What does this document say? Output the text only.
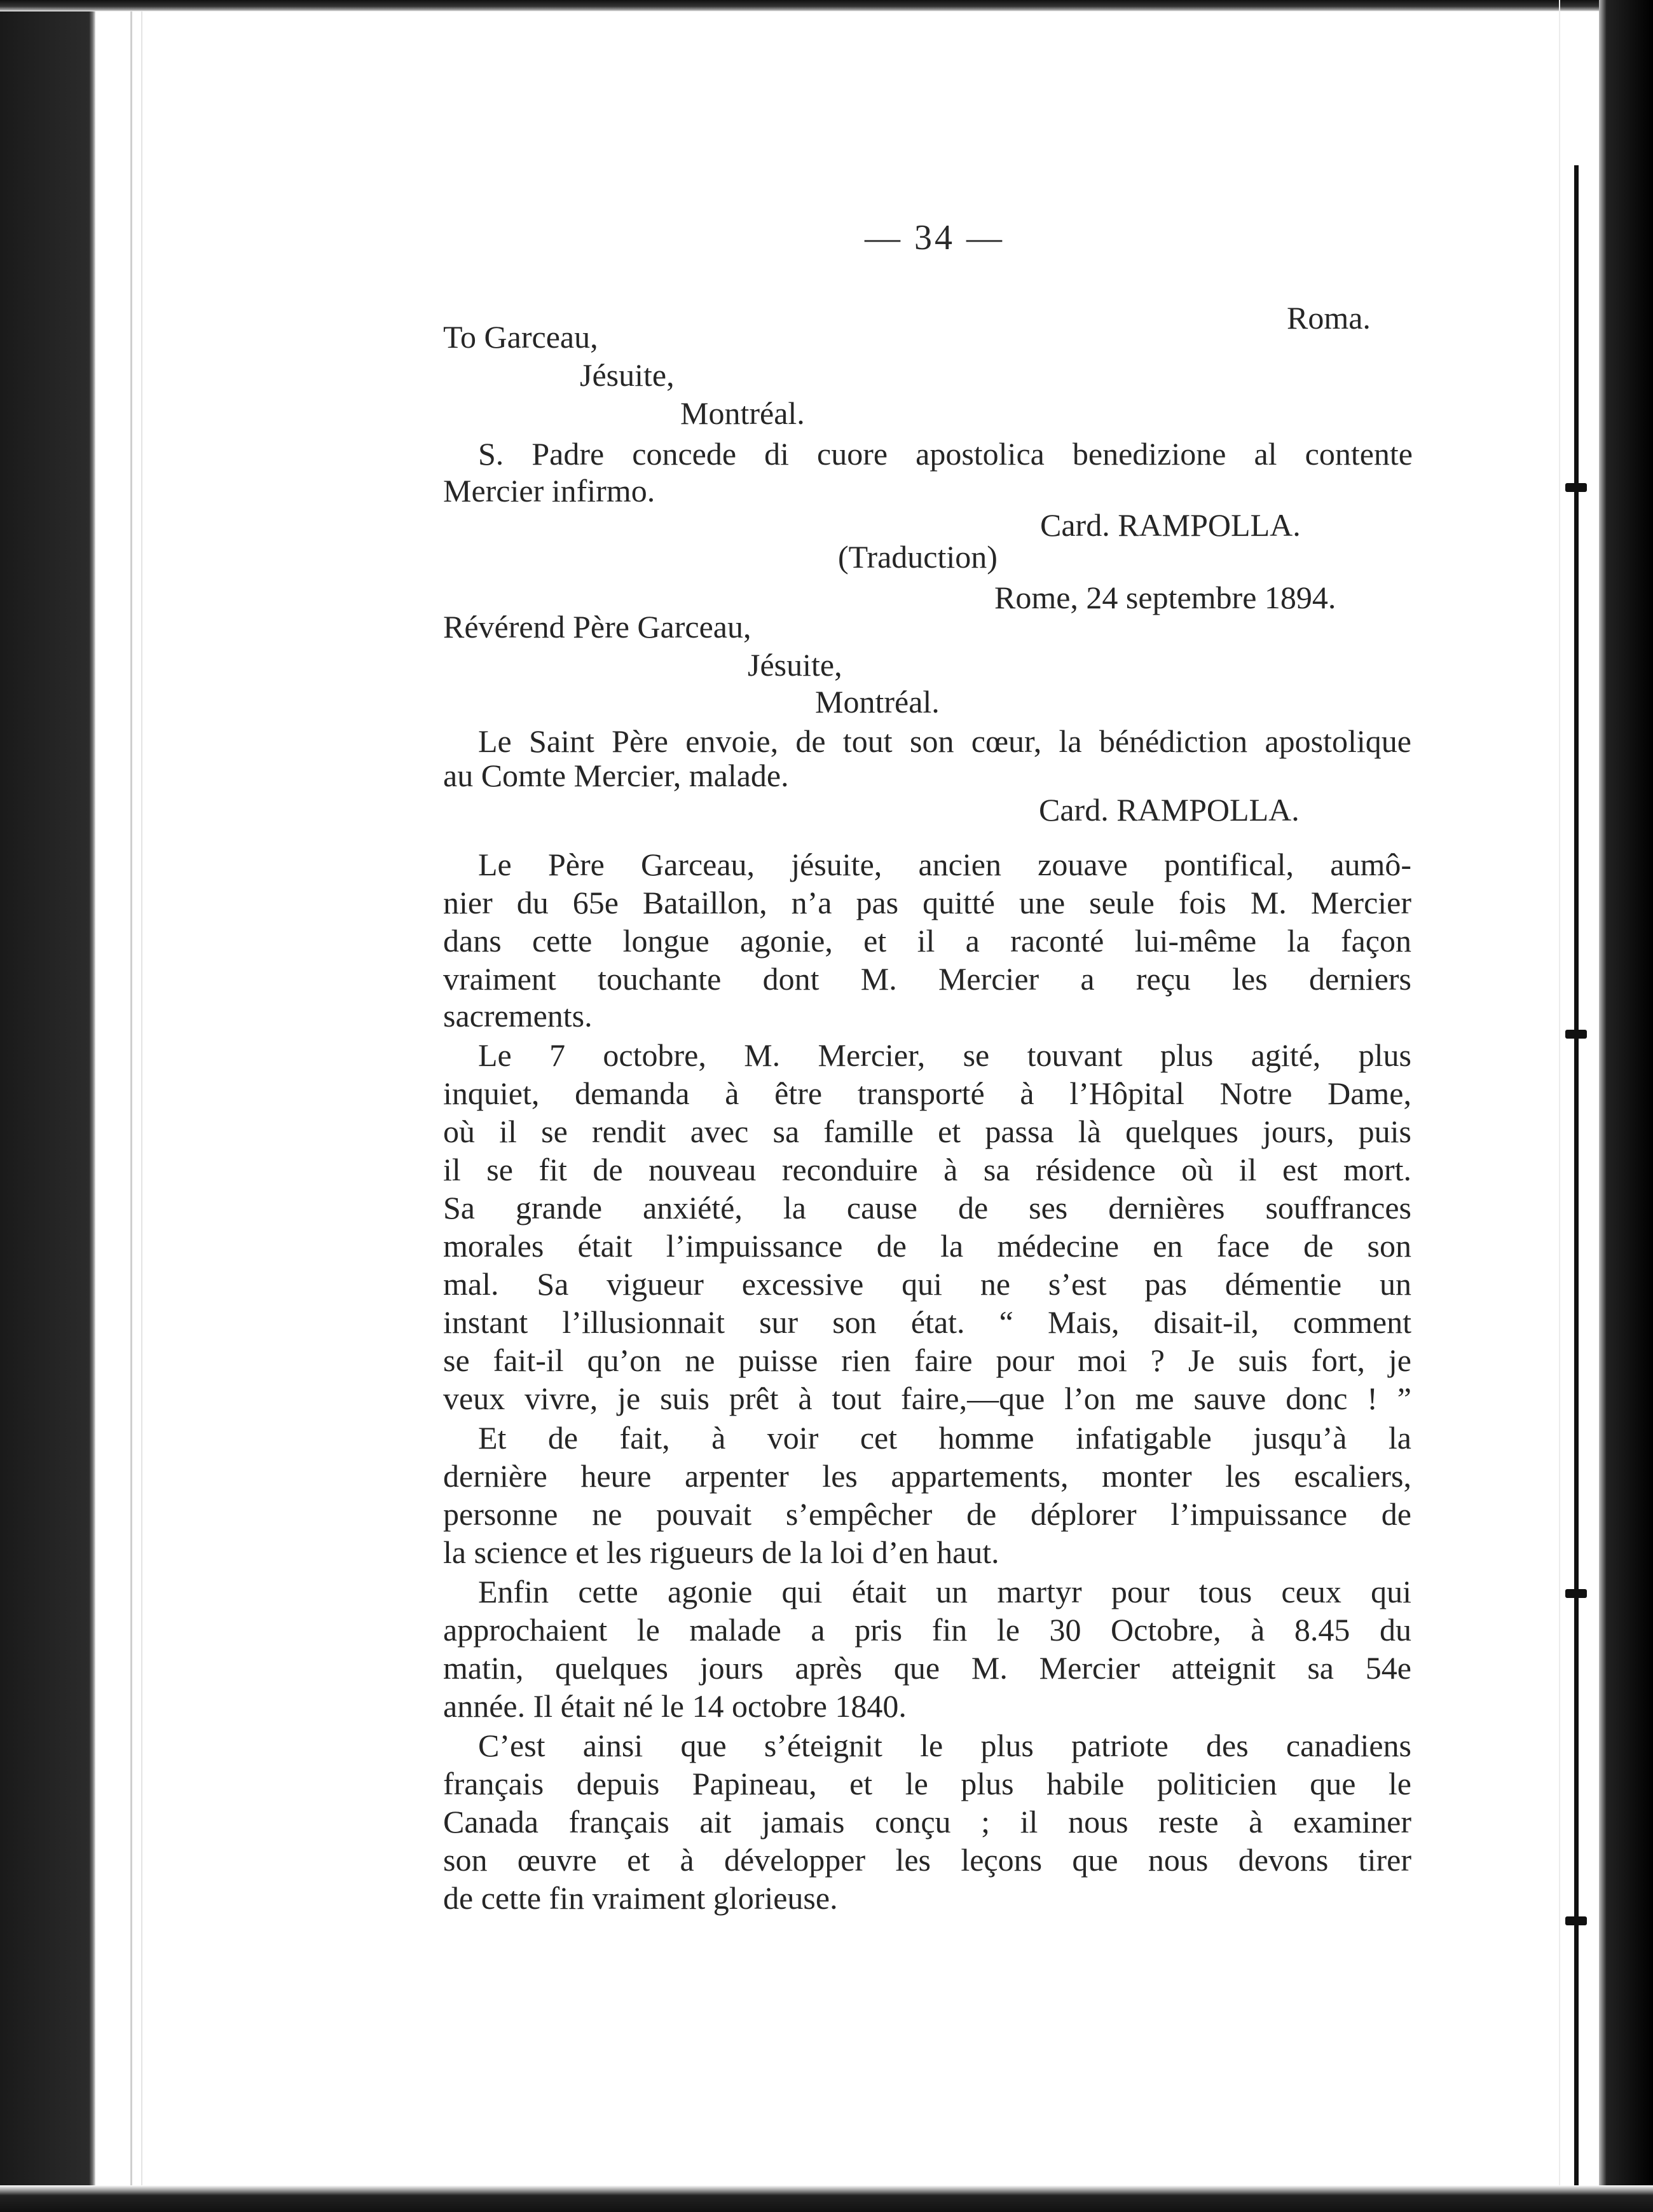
— 34 —
Roma.
To Garceau,
Jésuite,
Montréal.
S. Padre concede di cuore apostolica benedizione al contente
Mercier infirmo.
Card. RAMPOLLA.
(Traduction)
Rome, 24 septembre 1894.
Révérend Père Garceau,
Jésuite,
Montréal.
Le Saint Père envoie, de tout son cœur, la bénédiction apostolique
au Comte Mercier, malade.
Card. RAMPOLLA.
Le Père Garceau, jésuite, ancien zouave pontifical, aumô-
nier du 65e Bataillon, n’a pas quitté une seule fois M. Mercier
dans cette longue agonie, et il a raconté lui-même la façon
vraiment touchante dont M. Mercier a reçu les derniers
sacrements.
Le 7 octobre, M. Mercier, se touvant plus agité, plus
inquiet, demanda à être transporté à l’Hôpital Notre Dame,
où il se rendit avec sa famille et passa là quelques jours, puis
il se fit de nouveau reconduire à sa résidence où il est mort.
Sa grande anxiété, la cause de ses dernières souffrances
morales était l’impuissance de la médecine en face de son
mal. Sa vigueur excessive qui ne s’est pas démentie un
instant l’illusionnait sur son état. “ Mais, disait-il, comment
se fait-il qu’on ne puisse rien faire pour moi ? Je suis fort, je
veux vivre, je suis prêt à tout faire,—que l’on me sauve donc ! ”
Et de fait, à voir cet homme infatigable jusqu’à la
dernière heure arpenter les appartements, monter les escaliers,
personne ne pouvait s’empêcher de déplorer l’impuissance de
la science et les rigueurs de la loi d’en haut.
Enfin cette agonie qui était un martyr pour tous ceux qui
approchaient le malade a pris fin le 30 Octobre, à 8.45 du
matin, quelques jours après que M. Mercier atteignit sa 54e
année. Il était né le 14 octobre 1840.
C’est ainsi que s’éteignit le plus patriote des canadiens
français depuis Papineau, et le plus habile politicien que le
Canada français ait jamais conçu ; il nous reste à examiner
son œuvre et à développer les leçons que nous devons tirer
de cette fin vraiment glorieuse.
